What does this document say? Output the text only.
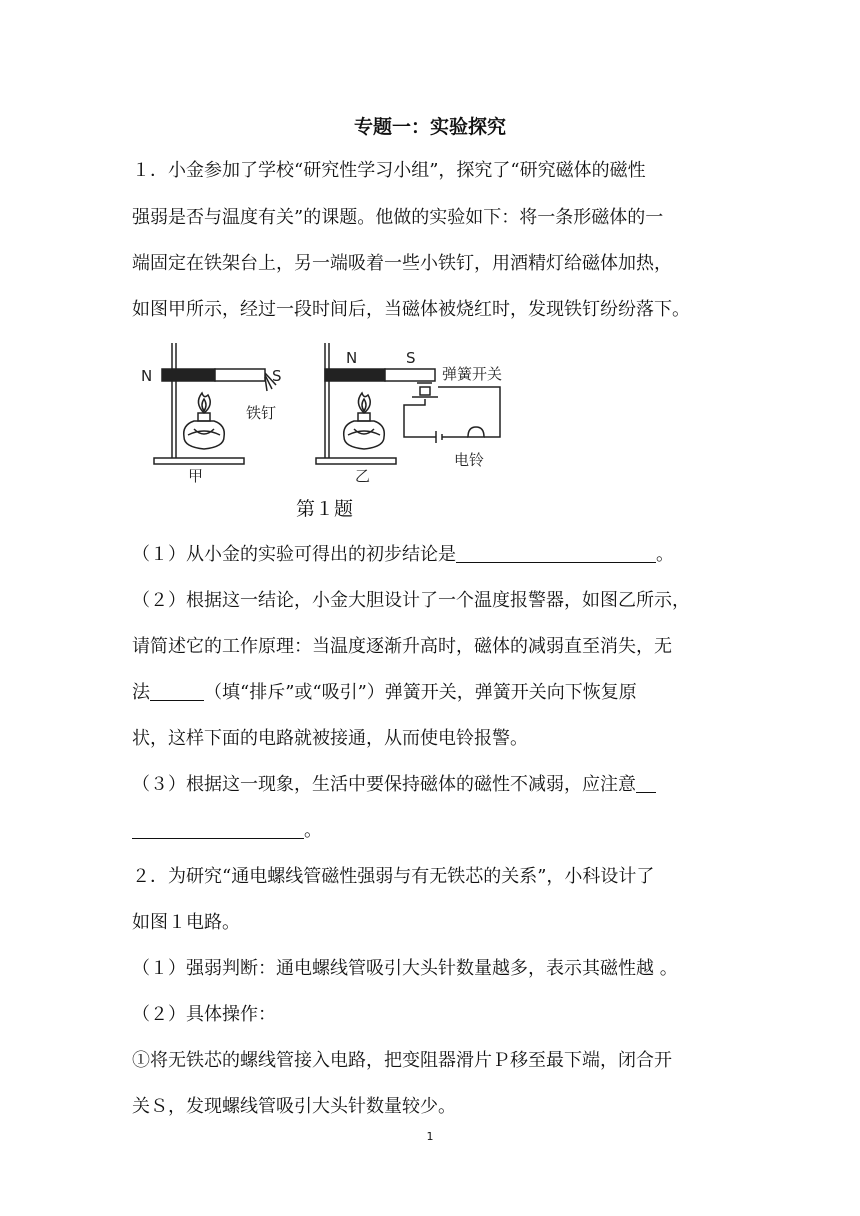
专题一：实验探究
１．小金参加了学校“研究性学习小组”，探究了“研究磁体的磁性
强弱是否与温度有关”的课题。他做的实验如下：将一条形磁体的一
端固定在铁架台上，另一端吸着一些小铁钉，用酒精灯给磁体加热，
如图甲所示，经过一段时间后，当磁体被烧红时，发现铁钉纷纷落下。
N	S
铁钉
甲
N	S
弹簧开关
电铃
乙
第１题
（１）从小金的实验可得出的初步结论是	。
（２）根据这一结论，小金大胆设计了一个温度报警器，如图乙所示，
请简述它的工作原理：当温度逐渐升高时，磁体的减弱直至消失，无
法	（填“排斥”或“吸引”）弹簧开关，弹簧开关向下恢复原
状，这样下面的电路就被接通，从而使电铃报警。
（３）根据这一现象，生活中要保持磁体的磁性不减弱，应注意
。
２．为研究“通电螺线管磁性强弱与有无铁芯的关系”，小科设计了
如图１电路。
（１）强弱判断：通电螺线管吸引大头针数量越多，表示其磁性越 。
（２）具体操作：
①将无铁芯的螺线管接入电路，把变阻器滑片Ｐ移至最下端，闭合开
关Ｓ，发现螺线管吸引大头针数量较少。
1
